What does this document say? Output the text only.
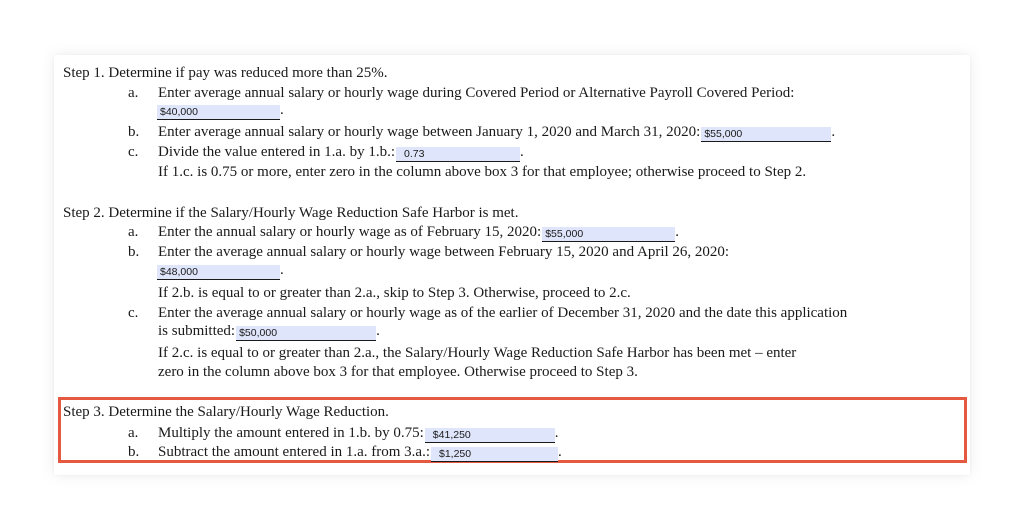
Step 1. Determine if pay was reduced more than 25%.
a. Enter average annual salary or hourly wage during Covered Period or Alternative Payroll Covered Period:
$40,000	.
b. Enter average annual salary or hourly wage between January 1, 2020 and March 31, 2020: $55,000	.
c. Divide the value entered in 1.a. by 1.b.: 0.73	.
If 1.c. is 0.75 or more, enter zero in the column above box 3 for that employee; otherwise proceed to Step 2.
Step 2. Determine if the Salary/Hourly Wage Reduction Safe Harbor is met.
a. Enter the annual salary or hourly wage as of February 15, 2020: $55,000	.
b. Enter the average annual salary or hourly wage between February 15, 2020 and April 26, 2020:
$48,000	.
If 2.b. is equal to or greater than 2.a., skip to Step 3. Otherwise, proceed to 2.c.
c. Enter the average annual salary or hourly wage as of the earlier of December 31, 2020 and the date this application
is submitted: $50,000	.
If 2.c. is equal to or greater than 2.a., the Salary/Hourly Wage Reduction Safe Harbor has been met – enter
zero in the column above box 3 for that employee. Otherwise proceed to Step 3.
Step 3. Determine the Salary/Hourly Wage Reduction.
a. Multiply the amount entered in 1.b. by 0.75: $41,250	.
b. Subtract the amount entered in 1.a. from 3.a.: $1,250	.
